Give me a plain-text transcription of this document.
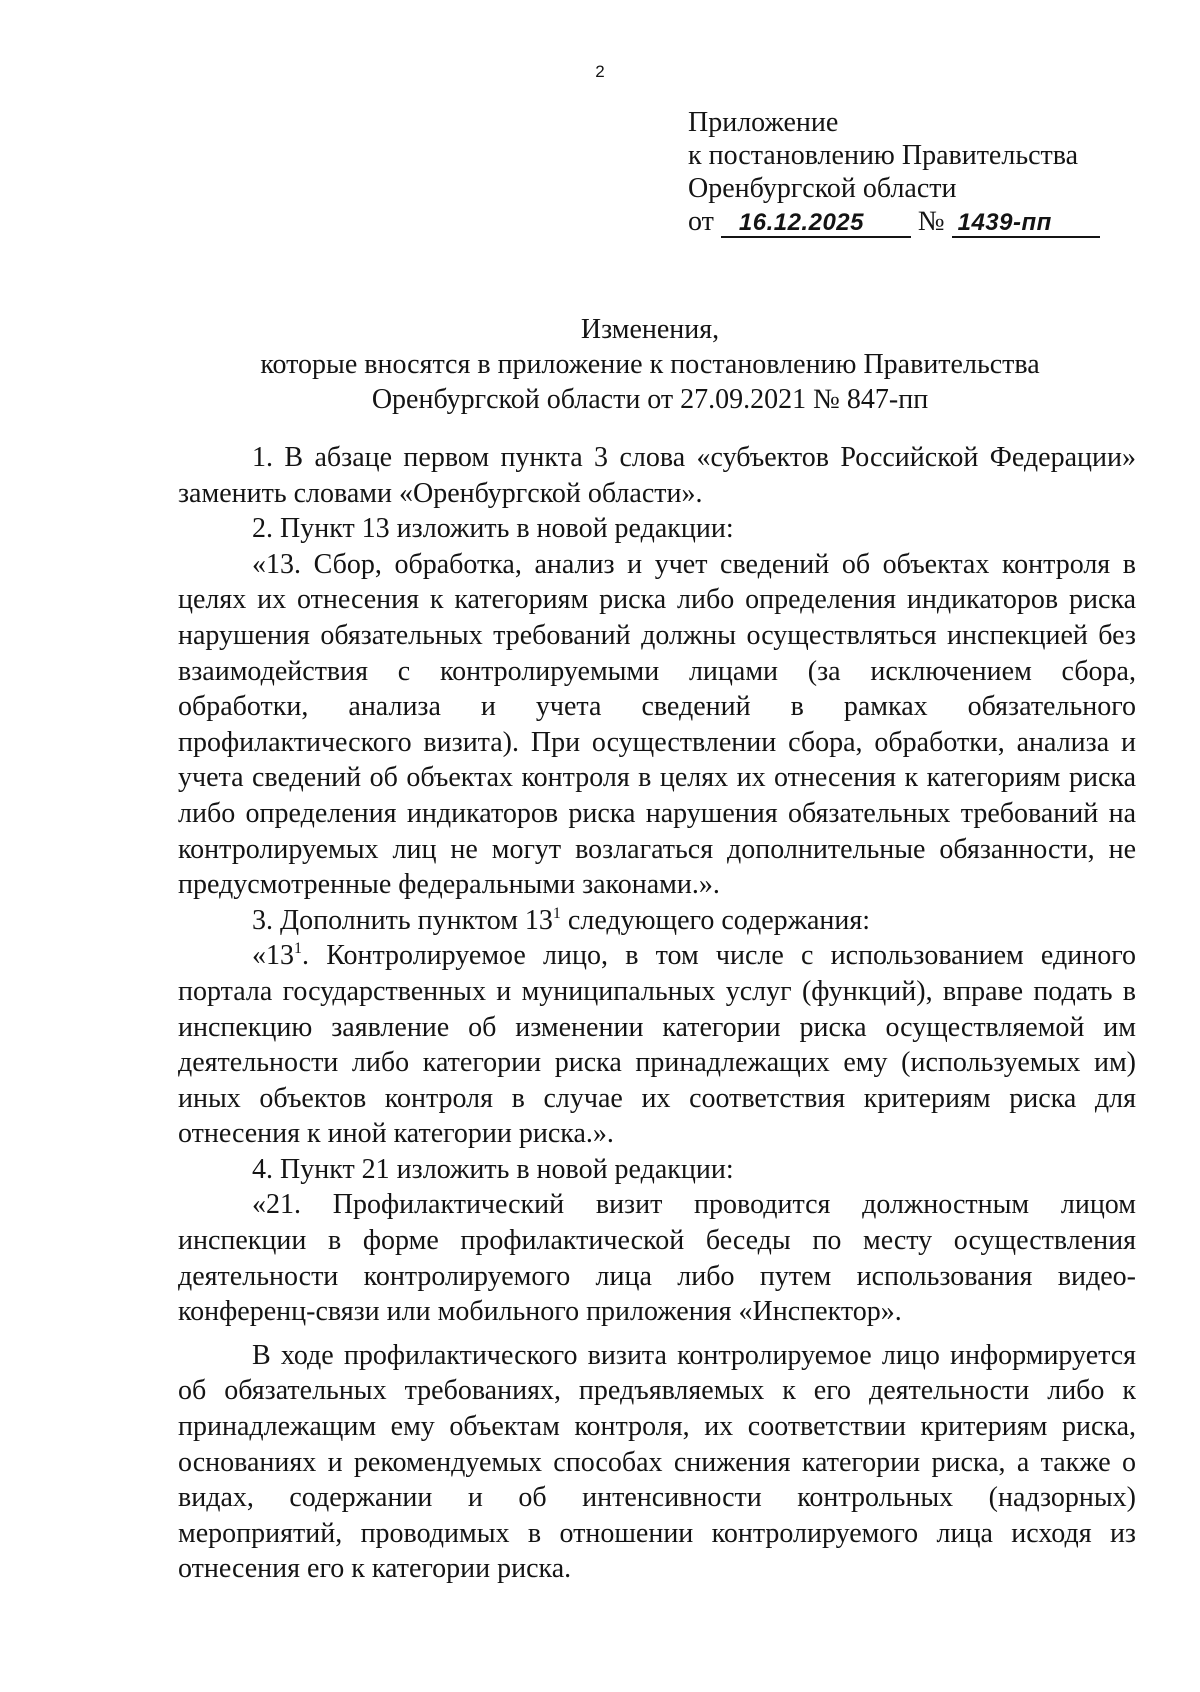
2
Приложение
к постановлению Правительства
Оренбургской области
от 16.12.2025 № 1439-пп
Изменения,
которые вносятся в приложение к постановлению Правительства
Оренбургской области от 27.09.2021 № 847-пп

1. В абзаце первом пункта 3 слова «субъектов Российской Федерации» заменить словами «Оренбургской области».

2. Пункт 13 изложить в новой редакции:

«13. Сбор, обработка, анализ и учет сведений об объектах контроля в целях их отнесения к категориям риска либо определения индикаторов риска нарушения обязательных требований должны осуществляться инспекцией без взаимодействия с контролируемыми лицами (за исключением сбора, обработки, анализа и учета сведений в рамках обязательного профилактического визита). При осуществлении сбора, обработки, анализа и учета сведений об объектах контроля в целях их отнесения к категориям риска либо определения индикаторов риска нарушения обязательных требований на контролируемых лиц не могут возлагаться дополнительные обязанности, не предусмотренные федеральными законами.».

3. Дополнить пунктом $13^1$ следующего содержания:

«$13^1$. Контролируемое лицо, в том числе с использованием единого портала государственных и муниципальных услуг (функций), вправе подать в инспекцию заявление об изменении категории риска осуществляемой им деятельности либо категории риска принадлежащих ему (используемых им) иных объектов контроля в случае их соответствия критериям риска для отнесения к иной категории риска.».

4. Пункт 21 изложить в новой редакции:

«21. Профилактический визит проводится должностным лицом инспекции в форме профилактической беседы по месту осуществления деятельности контролируемого лица либо путем использования видео-конференц-связи или мобильного приложения «Инспектор».

В ходе профилактического визита контролируемое лицо информируется об обязательных требованиях, предъявляемых к его деятельности либо к принадлежащим ему объектам контроля, их соответствии критериям риска, основаниях и рекомендуемых способах снижения категории риска, а также о видах, содержании и об интенсивности контрольных (надзорных) мероприятий, проводимых в отношении контролируемого лица исходя из отнесения его к категории риска.
